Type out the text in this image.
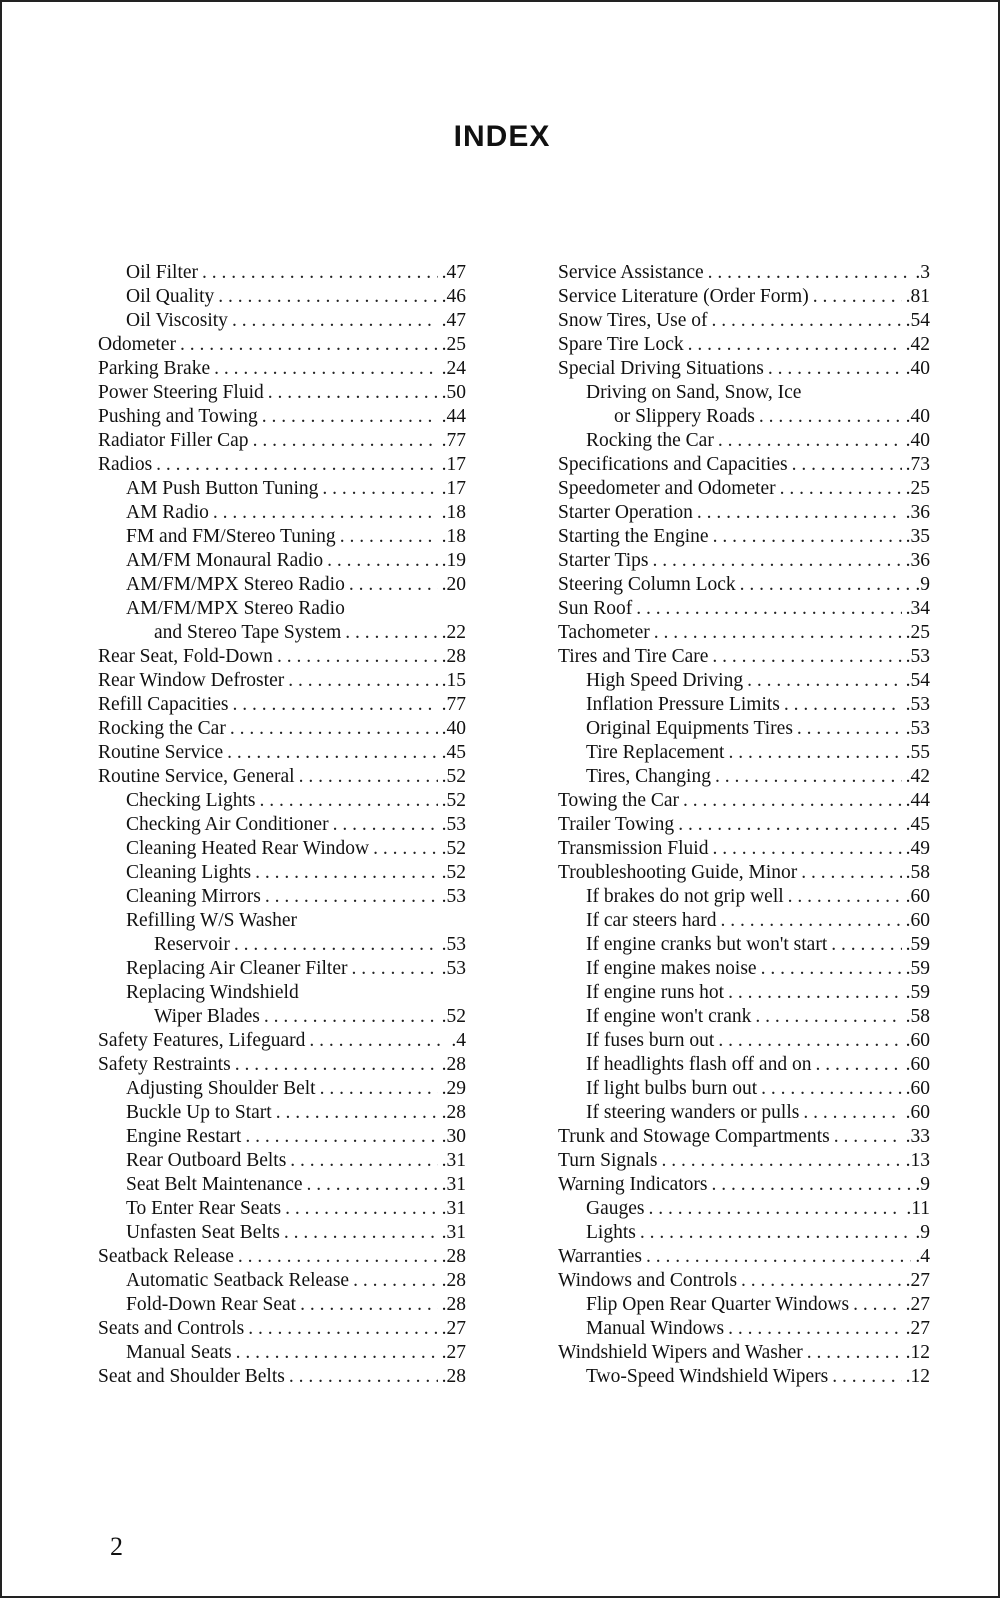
INDEX
Oil Filter . . .	.47
Oil Quality . . .	.46
Oil Viscosity . . .	.47
Odometer . . .	.25
Parking Brake . . .	.24
Power Steering Fluid . . .	.50
Pushing and Towing . . .	.44
Radiator Filler Cap . . .	.77
Radios . . .	.17
AM Push Button Tuning . . .	.17
AM Radio . . .	.18
FM and FM/Stereo Tuning . . .	.18
AM/FM Monaural Radio . . .	.19
AM/FM/MPX Stereo Radio . . .	.20
AM/FM/MPX Stereo Radio
and Stereo Tape System . . .	.22
Rear Seat, Fold-Down . . .	.28
Rear Window Defroster . . .	.15
Refill Capacities . . .	.77
Rocking the Car . . .	.40
Routine Service . . .	.45
Routine Service, General . . .	.52
Checking Lights . . .	.52
Checking Air Conditioner . . .	.53
Cleaning Heated Rear Window . . .	.52
Cleaning Lights . . .	.52
Cleaning Mirrors . . .	.53
Refilling W/S Washer
Reservoir . . .	.53
Replacing Air Cleaner Filter . . .	.53
Replacing Windshield
Wiper Blades . . .	.52
Safety Features, Lifeguard . . .	.4
Safety Restraints . . .	.28
Adjusting Shoulder Belt . . .	.29
Buckle Up to Start . . .	.28
Engine Restart . . .	.30
Rear Outboard Belts . . .	.31
Seat Belt Maintenance . . .	.31
To Enter Rear Seats . . .	.31
Unfasten Seat Belts . . .	.31
Seatback Release . . .	.28
Automatic Seatback Release . . .	.28
Fold-Down Rear Seat . . .	.28
Seats and Controls . . .	.27
Manual Seats . . .	.27
Seat and Shoulder Belts . . .	.28
Service Assistance . . .	.3
Service Literature (Order Form) . . .	.81
Snow Tires, Use of . . .	.54
Spare Tire Lock . . .	.42
Special Driving Situations . . .	.40
Driving on Sand, Snow, Ice
or Slippery Roads . . .	.40
Rocking the Car . . .	.40
Specifications and Capacities . . .	.73
Speedometer and Odometer . . .	.25
Starter Operation . . .	.36
Starting the Engine . . .	.35
Starter Tips . . .	.36
Steering Column Lock . . .	.9
Sun Roof . . .	.34
Tachometer . . .	.25
Tires and Tire Care . . .	.53
High Speed Driving . . .	.54
Inflation Pressure Limits . . .	.53
Original Equipments Tires . . .	.53
Tire Replacement . . .	.55
Tires, Changing . . .	.42
Towing the Car . . .	.44
Trailer Towing . . .	.45
Transmission Fluid . . .	.49
Troubleshooting Guide, Minor . . .	.58
If brakes do not grip well . . .	.60
If car steers hard . . .	.60
If engine cranks but won't start . . .	.59
If engine makes noise . . .	.59
If engine runs hot . . .	.59
If engine won't crank . . .	.58
If fuses burn out . . .	.60
If headlights flash off and on . . .	.60
If light bulbs burn out . . .	.60
If steering wanders or pulls . . .	.60
Trunk and Stowage Compartments . . .	.33
Turn Signals . . .	.13
Warning Indicators . . .	.9
Gauges . . .	.11
Lights . . .	.9
Warranties . . .	.4
Windows and Controls . . .	.27
Flip Open Rear Quarter Windows . . .	.27
Manual Windows . . .	.27
Windshield Wipers and Washer . . .	.12
Two-Speed Windshield Wipers . . .	.12
2
